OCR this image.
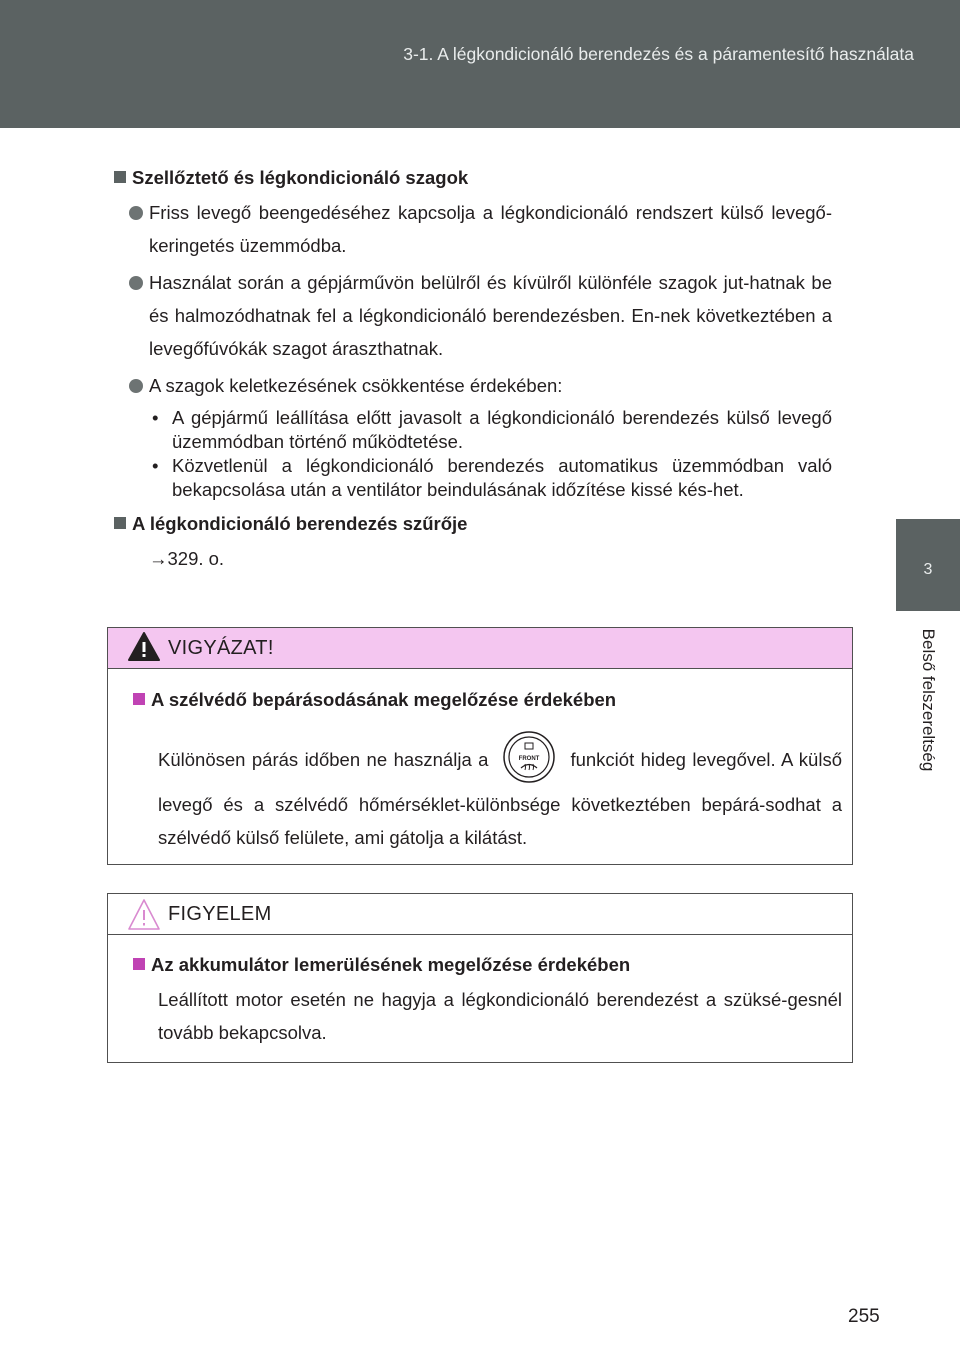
3-1. A légkondicionáló berendezés és a páramentesítő használata
3
Belső felszereltség
Szellőztető és légkondicionáló szagok
Friss levegő beengedéséhez kapcsolja a légkondicionáló rendszert külső levegő-keringetés üzemmódba.
Használat során a gépjárművön belülről és kívülről különféle szagok jut-hatnak be és halmozódhatnak fel a légkondicionáló berendezésben. En-nek következtében a levegőfúvókák szagot áraszthatnak.
A szagok keletkezésének csökkentése érdekében:
• A gépjármű leállítása előtt javasolt a légkondicionáló berendezés külső levegő üzemmódban történő működtetése.
• Közvetlenül a légkondicionáló berendezés automatikus üzemmódban való bekapcsolása után a ventilátor beindulásának időzítése kissé kés-het.
A légkondicionáló berendezés szűrője
→329. o.
VIGYÁZAT!
A szélvédő bepárásodásának megelőzése érdekében
Különösen párás időben ne használja a	FRONT funkciót hideg levegővel. A külső levegő és a szélvédő hőmérséklet-különbsége következtében bepárá-sodhat a szélvédő külső felülete, ami gátolja a kilátást.
FIGYELEM
Az akkumulátor lemerülésének megelőzése érdekében
Leállított motor esetén ne hagyja a légkondicionáló berendezést a szüksé-gesnél tovább bekapcsolva.
255
